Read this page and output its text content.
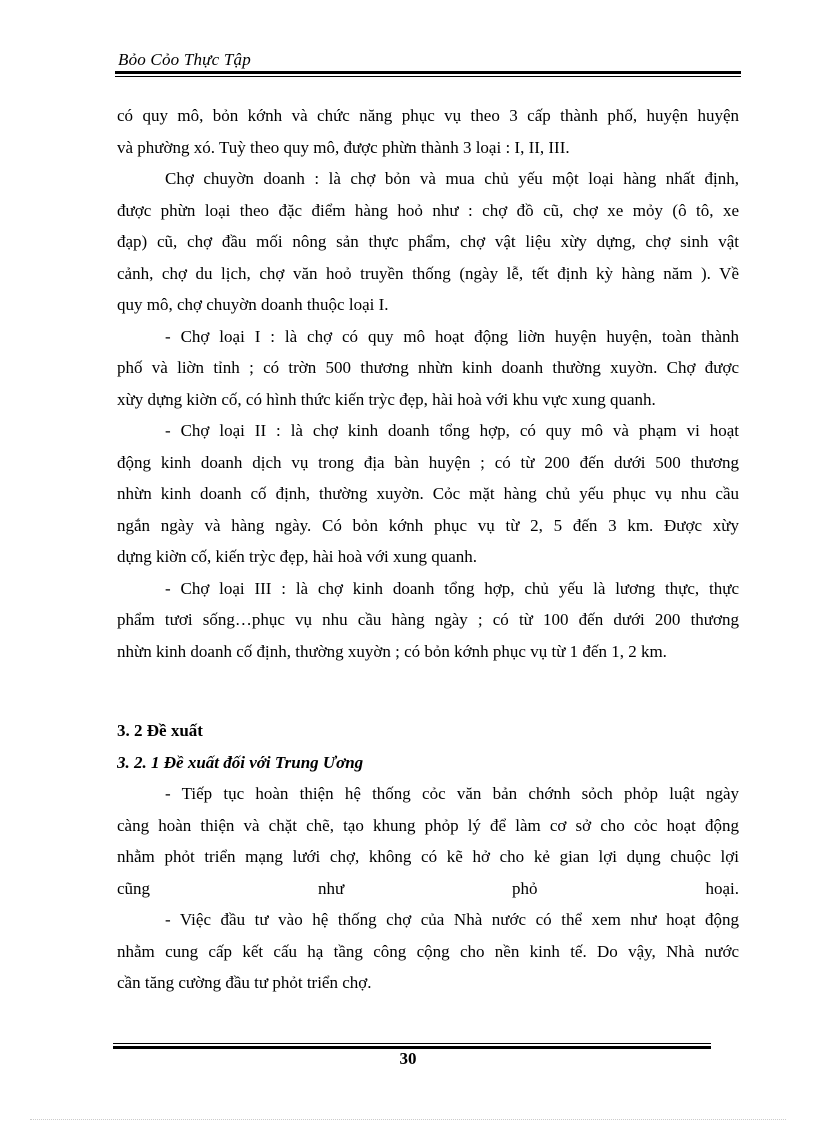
Bỏo Cỏo Thực Tập
có quy mô, bỏn kớnh và chức năng phục vụ theo 3 cấp thành phố, huyện huyện
và phường xó. Tuỳ theo quy mô, được phừn thành 3 loại : I, II, III.
Chợ chuyờn doanh : là chợ bỏn và mua chủ yếu một loại hàng nhất định,
được phừn loại theo đặc điểm hàng hoỏ như : chợ đồ cũ, chợ xe mỏy (ô tô, xe
đạp) cũ, chợ đầu mối nông sản thực phẩm, chợ vật liệu xừy dựng, chợ sinh vật
cảnh, chợ du lịch, chợ văn hoỏ truyền thống (ngày lễ, tết định kỳ hàng năm ). Về
quy mô, chợ chuyờn doanh thuộc loại I.
- Chợ loại I : là chợ có quy mô hoạt động liờn huyện huyện, toàn thành
phố và liờn tỉnh ; có trờn 500 thương nhừn kinh doanh thường xuyờn. Chợ được
xừy dựng kiờn cố, có hình thức kiến trỳc đẹp, hài hoà với khu vực xung quanh.
- Chợ loại II : là chợ kinh doanh tổng hợp, có quy mô và phạm vi hoạt
động kinh doanh dịch vụ trong địa bàn huyện ; có từ 200 đến dưới 500 thương
nhừn kinh doanh cố định, thường xuyờn. Cỏc mặt hàng chủ yếu phục vụ nhu cầu
ngắn ngày và hàng ngày. Có bỏn kớnh phục vụ từ 2, 5 đến 3 km. Được xừy
dựng kiờn cố, kiến trỳc đẹp, hài hoà với xung quanh.
- Chợ loại III : là chợ kinh doanh tổng hợp, chủ yếu là lương thực, thực
phẩm tươi sống…phục vụ nhu cầu hàng ngày ; có từ 100 đến dưới 200 thương
nhừn kinh doanh cố định, thường xuyờn ; có bỏn kớnh phục vụ từ 1 đến 1, 2 km.
3. 2 Đề xuất
3. 2. 1 Đề xuất đối với Trung Ương
- Tiếp tục hoàn thiện hệ thống cỏc văn bản chớnh sỏch phỏp luật ngày
càng hoàn thiện và chặt chẽ, tạo khung phỏp lý để làm cơ sở cho cỏc hoạt động
nhằm phỏt triển mạng lưới chợ, không có kẽ hở cho kẻ gian lợi dụng chuộc lợi
cũng	như	phỏ	hoại.
- Việc đầu tư vào hệ thống chợ của Nhà nước có thể xem như hoạt động
nhằm cung cấp kết cấu hạ tầng công cộng cho nền kinh tế. Do vậy, Nhà nước
cần tăng cường đầu tư phỏt triển chợ.
30
